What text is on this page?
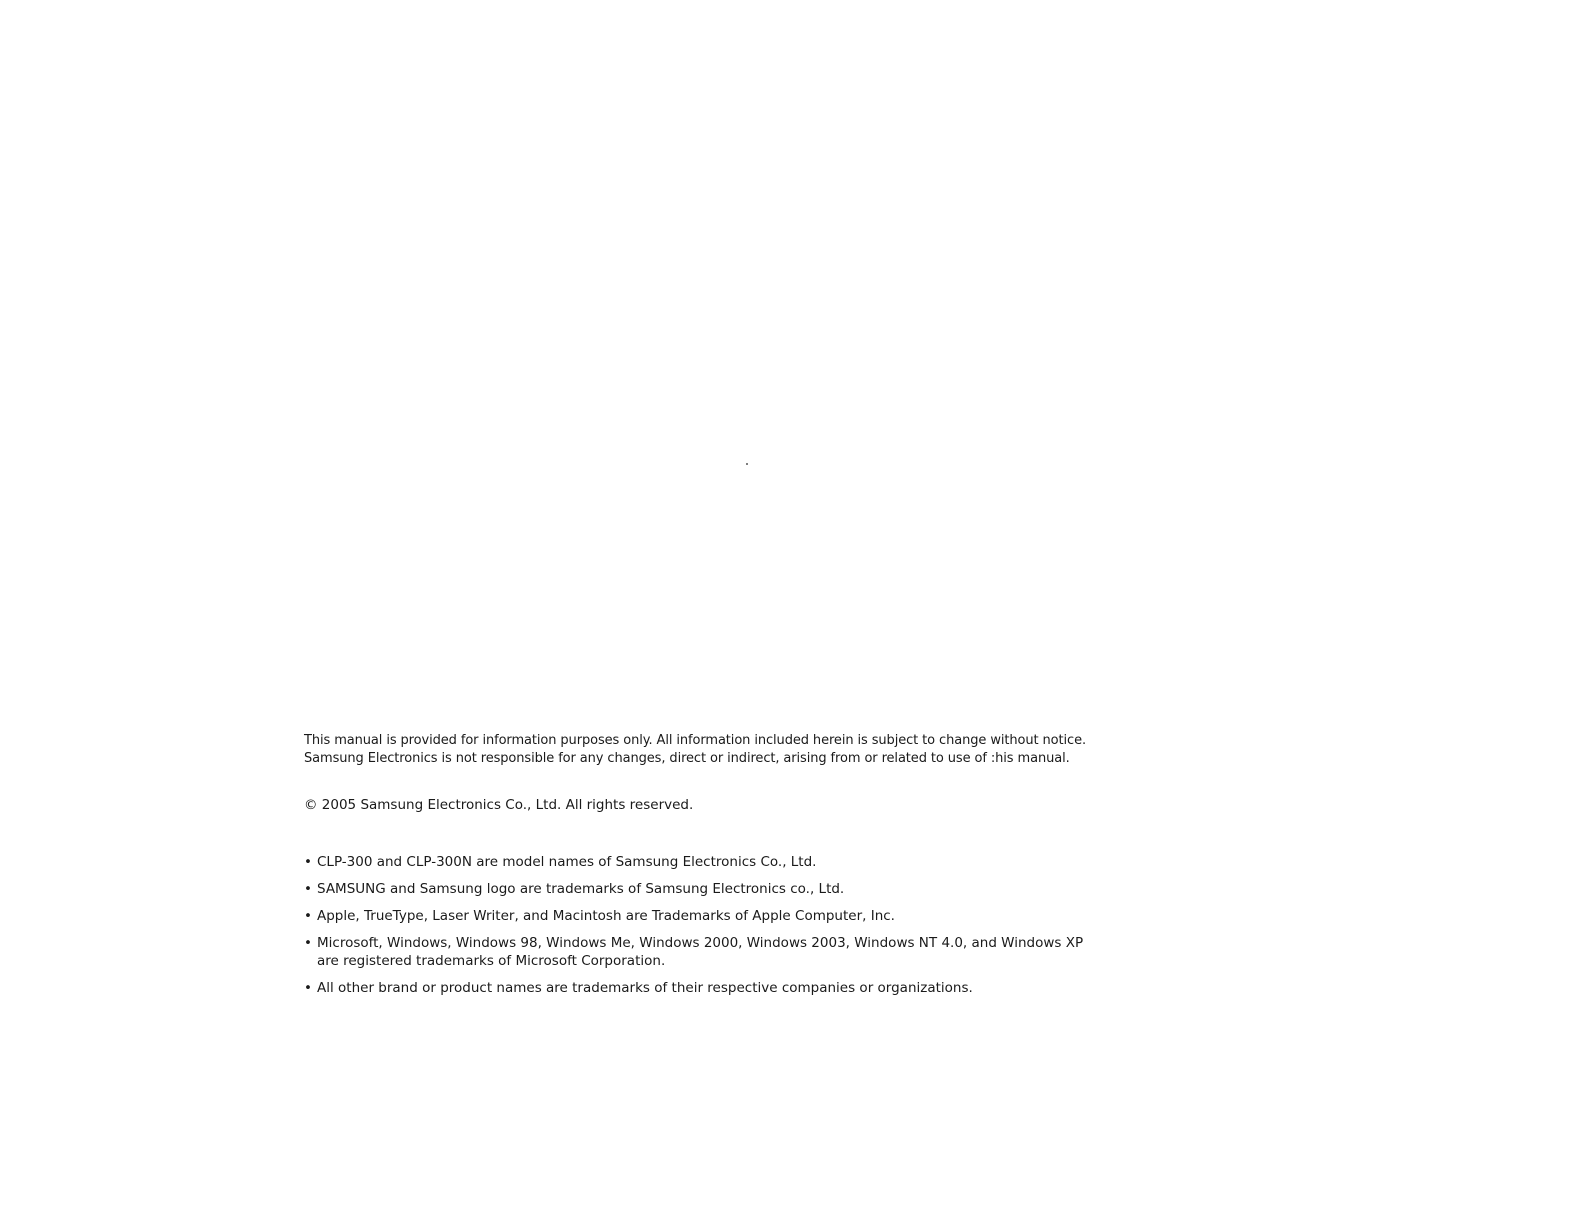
This manual is provided for information purposes only. All information included herein is subject to change without notice.
Samsung Electronics is not responsible for any changes, direct or indirect, arising from or related to use of :his manual.

© 2005 Samsung Electronics Co., Ltd. All rights reserved.

• CLP-300 and CLP-300N are model names of Samsung Electronics Co., Ltd.
• SAMSUNG and Samsung logo are trademarks of Samsung Electronics co., Ltd.
• Apple, TrueType, Laser Writer, and Macintosh are Trademarks of Apple Computer, Inc.
• Microsoft, Windows, Windows 98, Windows Me, Windows 2000, Windows 2003, Windows NT 4.0, and Windows XP
are registered trademarks of Microsoft Corporation.
• All other brand or product names are trademarks of their respective companies or organizations.
